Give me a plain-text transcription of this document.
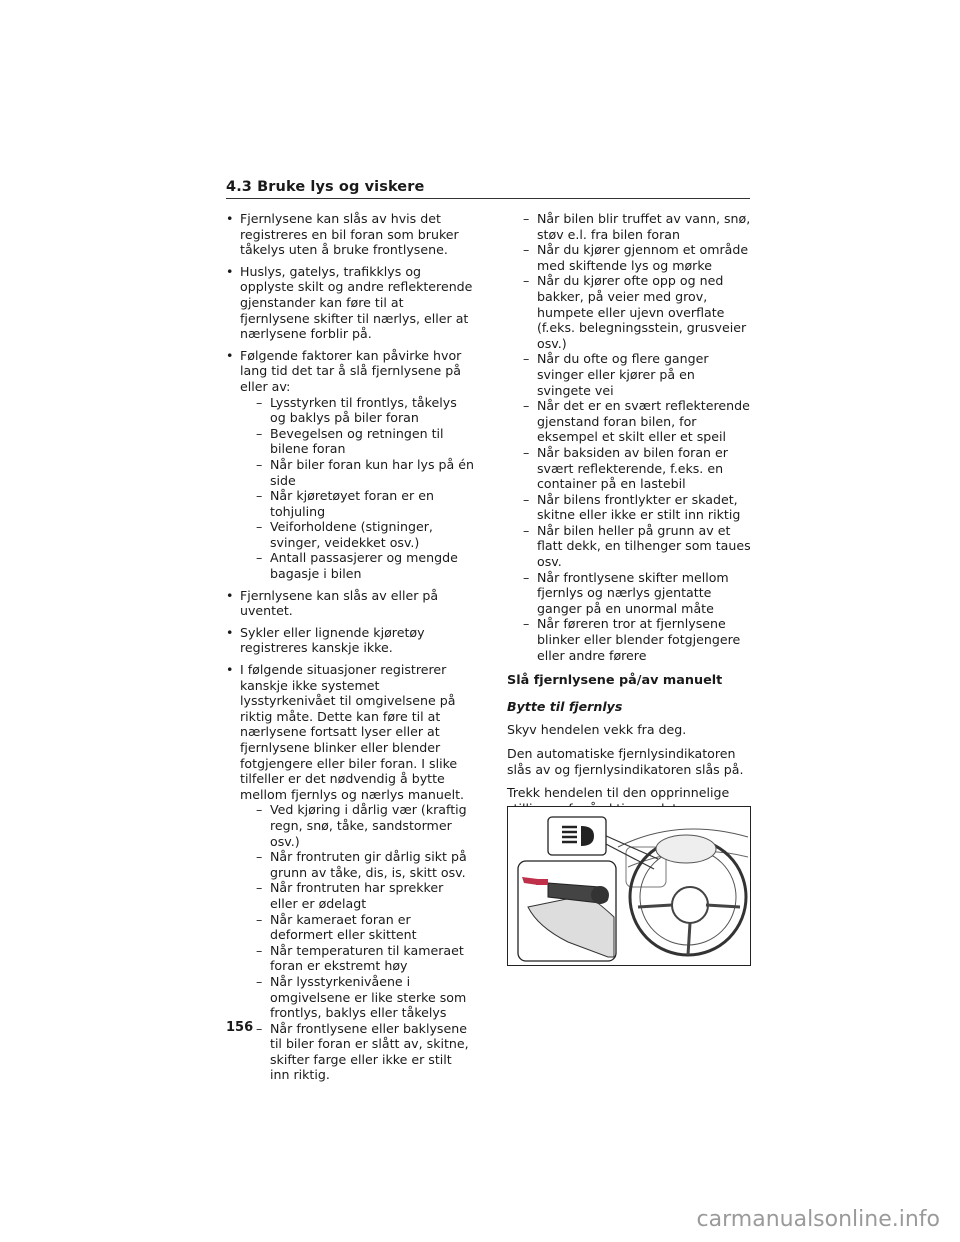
4.3 Bruke lys og viskere
• Fjernlysene kan slås av hvis det registreres en bil foran som bruker tåkelys uten å bruke frontlysene.
• Huslys, gatelys, trafikklys og opplyste skilt og andre reflekterende gjenstander kan føre til at fjernlysene skifter til nærlys, eller at nærlysene forblir på.
• Følgende faktorer kan påvirke hvor lang tid det tar å slå fjernlysene på eller av:
– Lysstyrken til frontlys, tåkelys og baklys på biler foran
– Bevegelsen og retningen til bilene foran
– Når biler foran kun har lys på én side
– Når kjøretøyet foran er en tohjuling
– Veiforholdene (stigninger, svinger, veidekket osv.)
– Antall passasjerer og mengde bagasje i bilen
• Fjernlysene kan slås av eller på uventet.
• Sykler eller lignende kjøretøy registreres kanskje ikke.
• I følgende situasjoner registrerer kanskje ikke systemet lysstyrkenivået til omgivelsene på riktig måte. Dette kan føre til at nærlysene fortsatt lyser eller at fjernlysene blinker eller blender fotgjengere eller biler foran. I slike tilfeller er det nødvendig å bytte mellom fjernlys og nærlys manuelt.
– Ved kjøring i dårlig vær (kraftig regn, snø, tåke, sandstormer osv.)
– Når frontruten gir dårlig sikt på grunn av tåke, dis, is, skitt osv.
– Når frontruten har sprekker eller er ødelagt
– Når kameraet foran er deformert eller skittent
– Når temperaturen til kameraet foran er ekstremt høy
– Når lysstyrkenivåene i omgivelsene er like sterke som frontlys, baklys eller tåkelys
– Når frontlysene eller baklysene til biler foran er slått av, skitne, skifter farge eller ikke er stilt inn riktig.
– Når bilen blir truffet av vann, snø, støv e.l. fra bilen foran
– Når du kjører gjennom et område med skiftende lys og mørke
– Når du kjører ofte opp og ned bakker, på veier med grov, humpete eller ujevn overflate (f.eks. belegningsstein, grusveier osv.)
– Når du ofte og flere ganger svinger eller kjører på en svingete vei
– Når det er en svært reflekterende gjenstand foran bilen, for eksempel et skilt eller et speil
– Når baksiden av bilen foran er svært reflekterende, f.eks. en container på en lastebil
– Når bilens frontlykter er skadet, skitne eller ikke er stilt inn riktig
– Når bilen heller på grunn av et flatt dekk, en tilhenger som taues osv.
– Når frontlysene skifter mellom fjernlys og nærlys gjentatte ganger på en unormal måte
– Når føreren tror at fjernlysene blinker eller blender fotgjengere eller andre førere
Slå fjernlysene på/av manuelt
Bytte til fjernlys
Skyv hendelen vekk fra deg.
Den automatiske fjernlysindikatoren slås av og fjernlysindikatoren slås på.
Trekk hendelen til den opprinnelige
156
carmanualsonline.info
